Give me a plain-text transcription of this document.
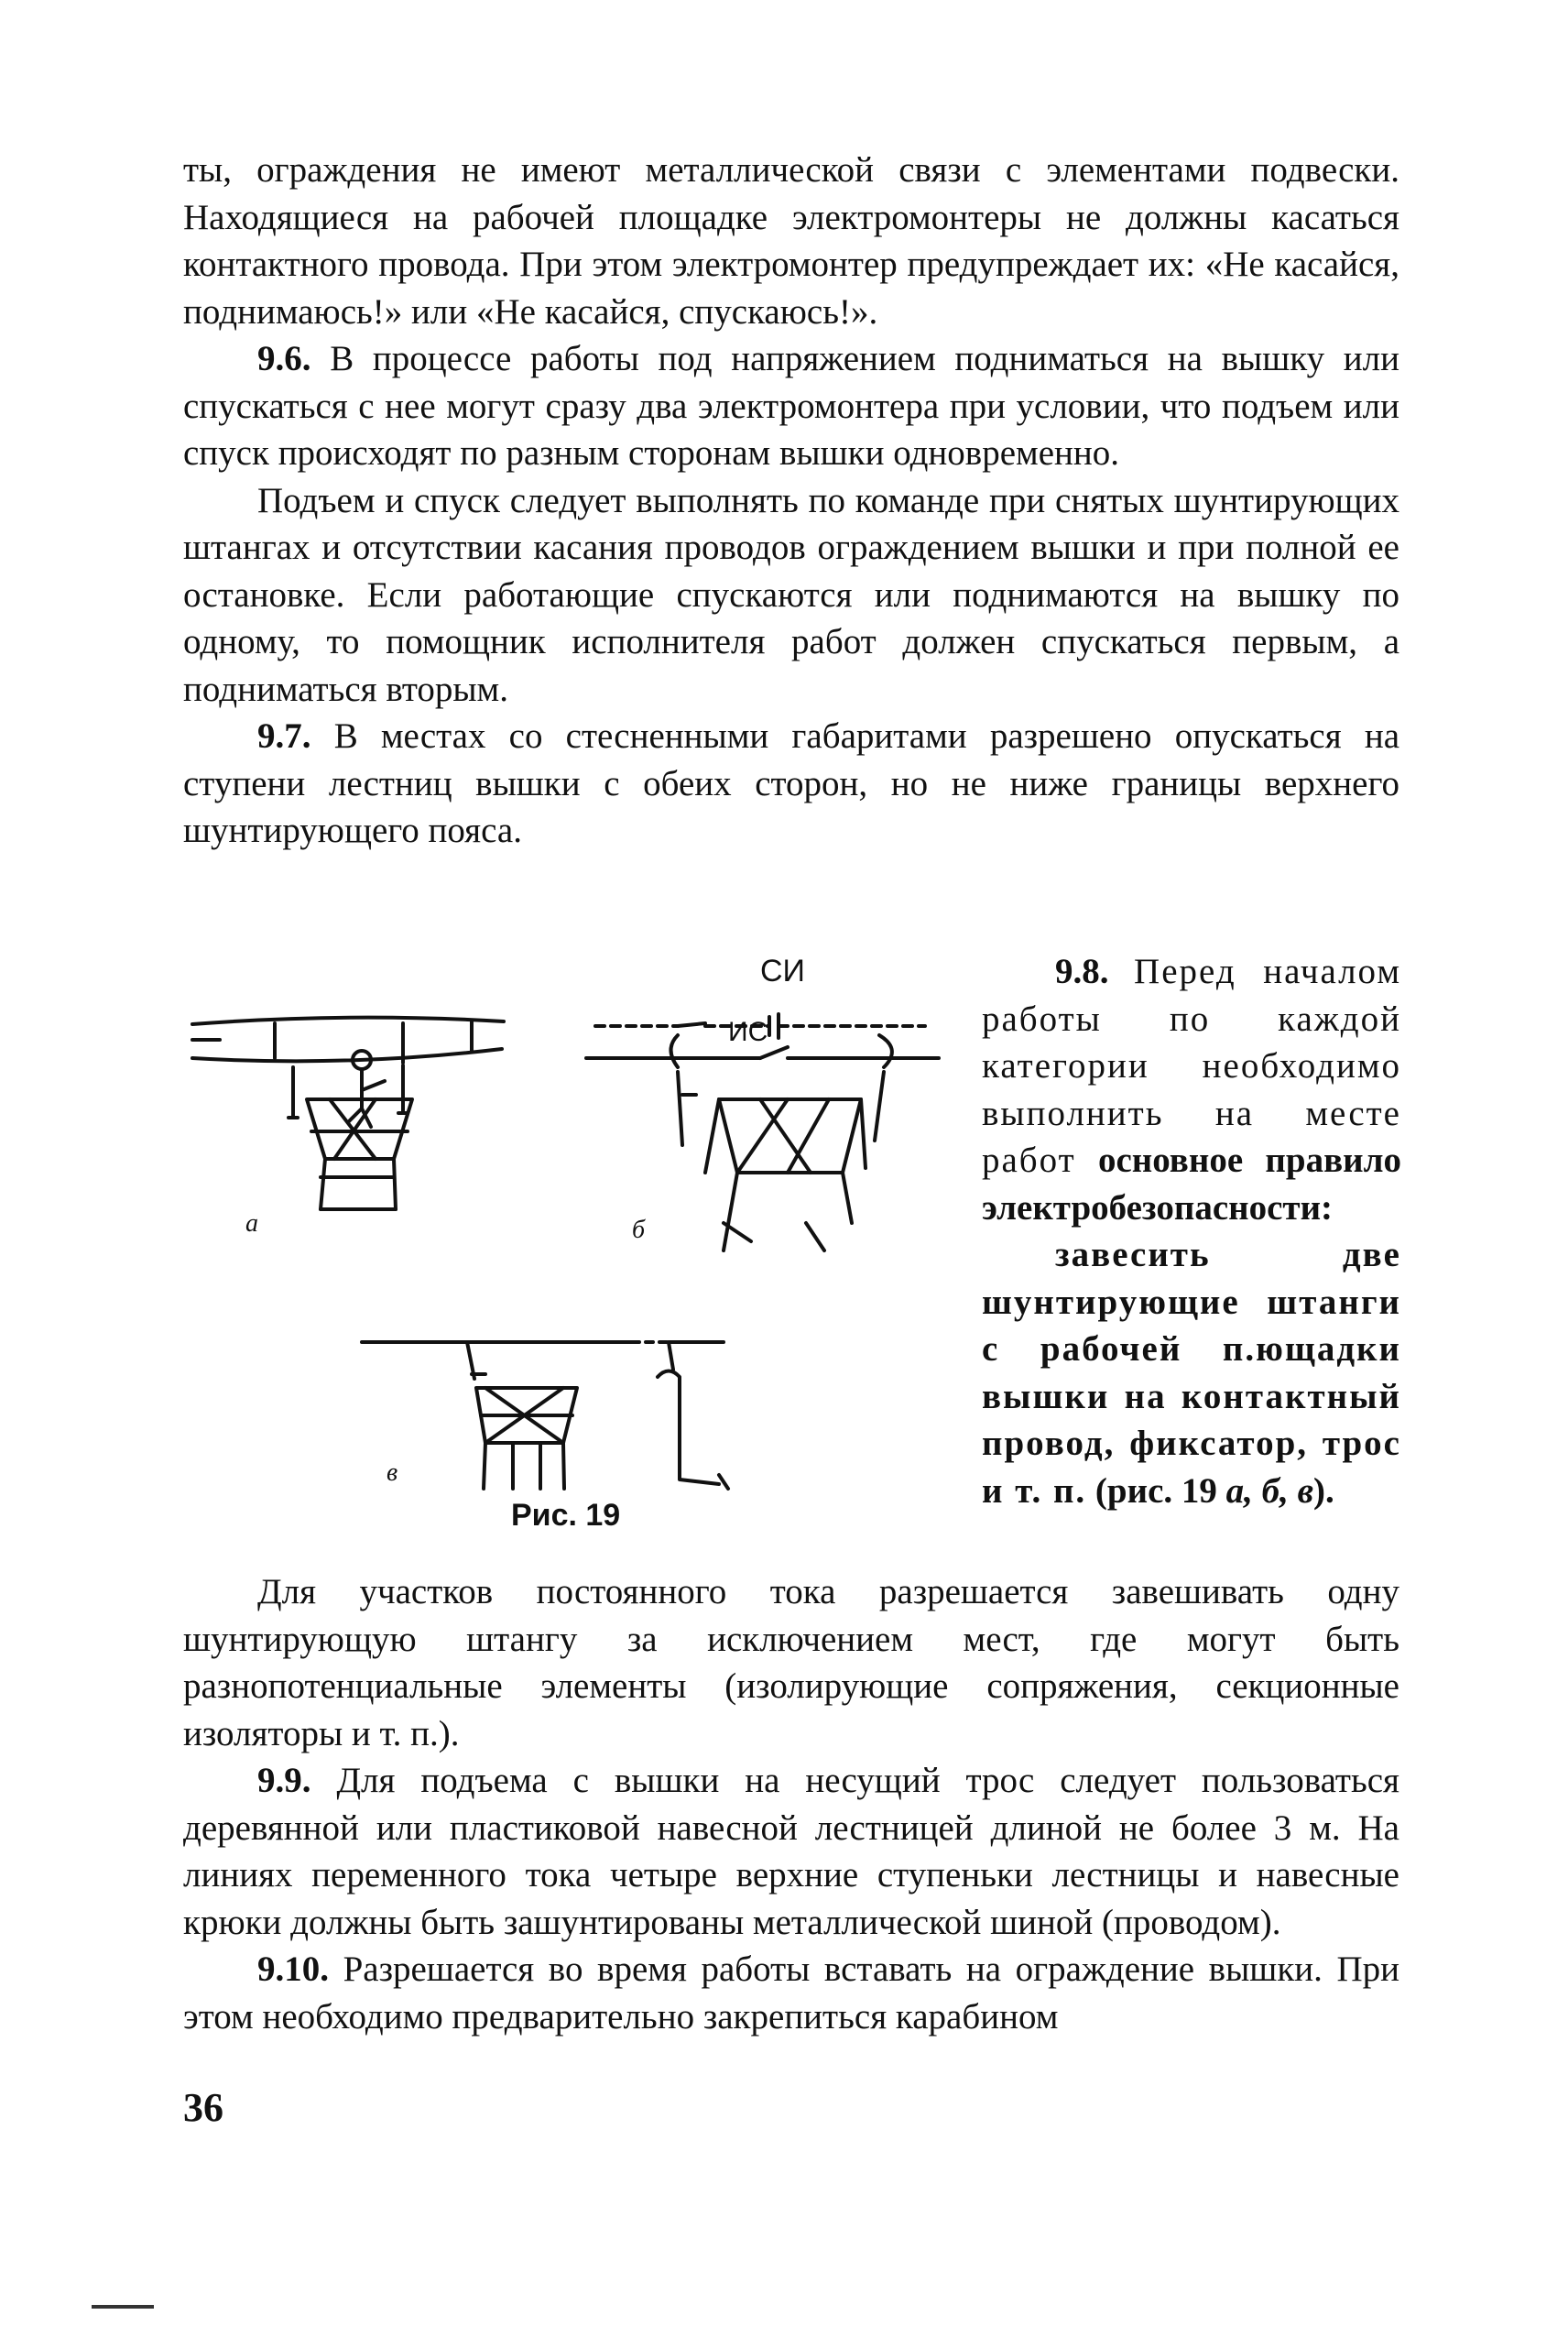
ты, ограждения не имеют металлической связи с элементами подвески. Находящиеся на рабочей площадке электромонтеры не должны касаться контактного провода. При этом электромонтер предупреждает их: «Не касайся, поднимаюсь!» или «Не касайся, спускаюсь!».

9.6. В процессе работы под напряжением подниматься на вышку или спускаться с нее могут сразу два электромонтера при условии, что подъем или спуск происходят по разным сторонам вышки одновременно.

Подъем и спуск следует выполнять по команде при снятых шунтирующих штангах и отсутствии касания проводов ограждением вышки и при полной ее остановке. Если работающие спускаются или поднимаются на вышку по одному, то помощник исполнителя работ должен спускаться первым, а подниматься вторым.

9.7. В местах со стесненными габаритами разрешено опускаться на ступени лестниц вышки с обеих сторон, но не ниже границы верхнего шунтирующего пояса.

СИ
ИС
а	б
в
Рис. 19

9.8. Перед началом работы по каждой категории необходимо выполнить на месте работ основное правило электробезопасности:

завесить две шунтирующие штанги с рабочей п.ющадки вышки на контактный провод, фиксатор, трос и т. п. (рис. 19 а, б, в).

Для участков постоянного тока разрешается завешивать одну шунтирующую штангу за исключением мест, где могут быть разнопотенциальные элементы (изолирующие сопряжения, секционные изоляторы и т. п.).

9.9. Для подъема с вышки на несущий трос следует пользоваться деревянной или пластиковой навесной лестницей длиной не более 3 м. На линиях переменного тока четыре верхние ступеньки лестницы и навесные крюки должны быть зашунтированы металлической шиной (проводом).

9.10. Разрешается во время работы вставать на ограждение вышки. При этом необходимо предварительно закрепиться карабином

36
